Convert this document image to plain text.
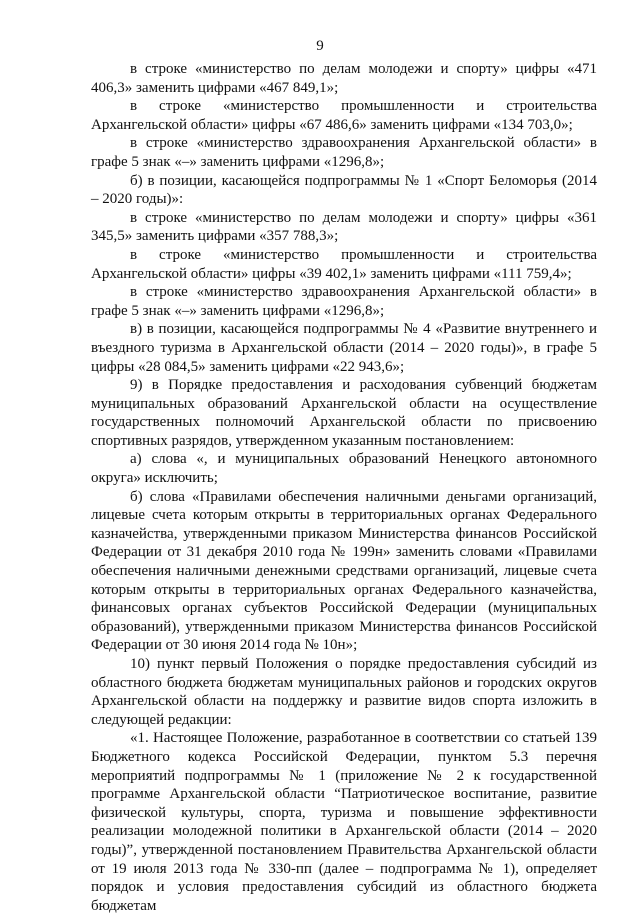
9

в строке «министерство по делам молодежи и спорту» цифры «471 406,3» заменить цифрами «467 849,1»;

в строке «министерство промышленности и строительства Архангельской области» цифры «67 486,6» заменить цифрами «134 703,0»;

в строке «министерство здравоохранения Архангельской области» в графе 5 знак «–» заменить цифрами «1296,8»;

б) в позиции, касающейся подпрограммы № 1 «Спорт Беломорья (2014 – 2020 годы)»:

в строке «министерство по делам молодежи и спорту» цифры «361 345,5» заменить цифрами «357 788,3»;

в строке «министерство промышленности и строительства Архангельской области» цифры «39 402,1» заменить цифрами «111 759,4»;

в строке «министерство здравоохранения Архангельской области» в графе 5 знак «–» заменить цифрами «1296,8»;

в) в позиции, касающейся подпрограммы № 4 «Развитие внутреннего и въездного туризма в Архангельской области (2014 – 2020 годы)», в графе 5 цифры «28 084,5» заменить цифрами «22 943,6»;

9) в Порядке предоставления и расходования субвенций бюджетам муниципальных образований Архангельской области на осуществление государственных полномочий Архангельской области по присвоению спортивных разрядов, утвержденном указанным постановлением:

а) слова «, и муниципальных образований Ненецкого автономного округа» исключить;

б) слова «Правилами обеспечения наличными деньгами организаций, лицевые счета которым открыты в территориальных органах Федерального казначейства, утвержденными приказом Министерства финансов Российской Федерации от 31 декабря 2010 года № 199н» заменить словами «Правилами обеспечения наличными денежными средствами организаций, лицевые счета которым открыты в территориальных органах Федерального казначейства, финансовых органах субъектов Российской Федерации (муниципальных образований), утвержденными приказом Министерства финансов Российской Федерации от 30 июня 2014 года № 10н»;

10) пункт первый Положения о порядке предоставления субсидий из областного бюджета бюджетам муниципальных районов и городских округов Архангельской области на поддержку и развитие видов спорта изложить в следующей редакции:

«1. Настоящее Положение, разработанное в соответствии со статьей 139 Бюджетного кодекса Российской Федерации, пунктом 5.3 перечня мероприятий подпрограммы № 1 (приложение № 2 к государственной программе Архангельской области “Патриотическое воспитание, развитие физической культуры, спорта, туризма и повышение эффективности реализации молодежной политики в Архангельской области (2014 – 2020 годы)”, утвержденной постановлением Правительства Архангельской области от 19 июля 2013 года № 330-пп (далее – подпрограмма № 1), определяет порядок и условия предоставления субсидий из областного бюджета бюджетам
